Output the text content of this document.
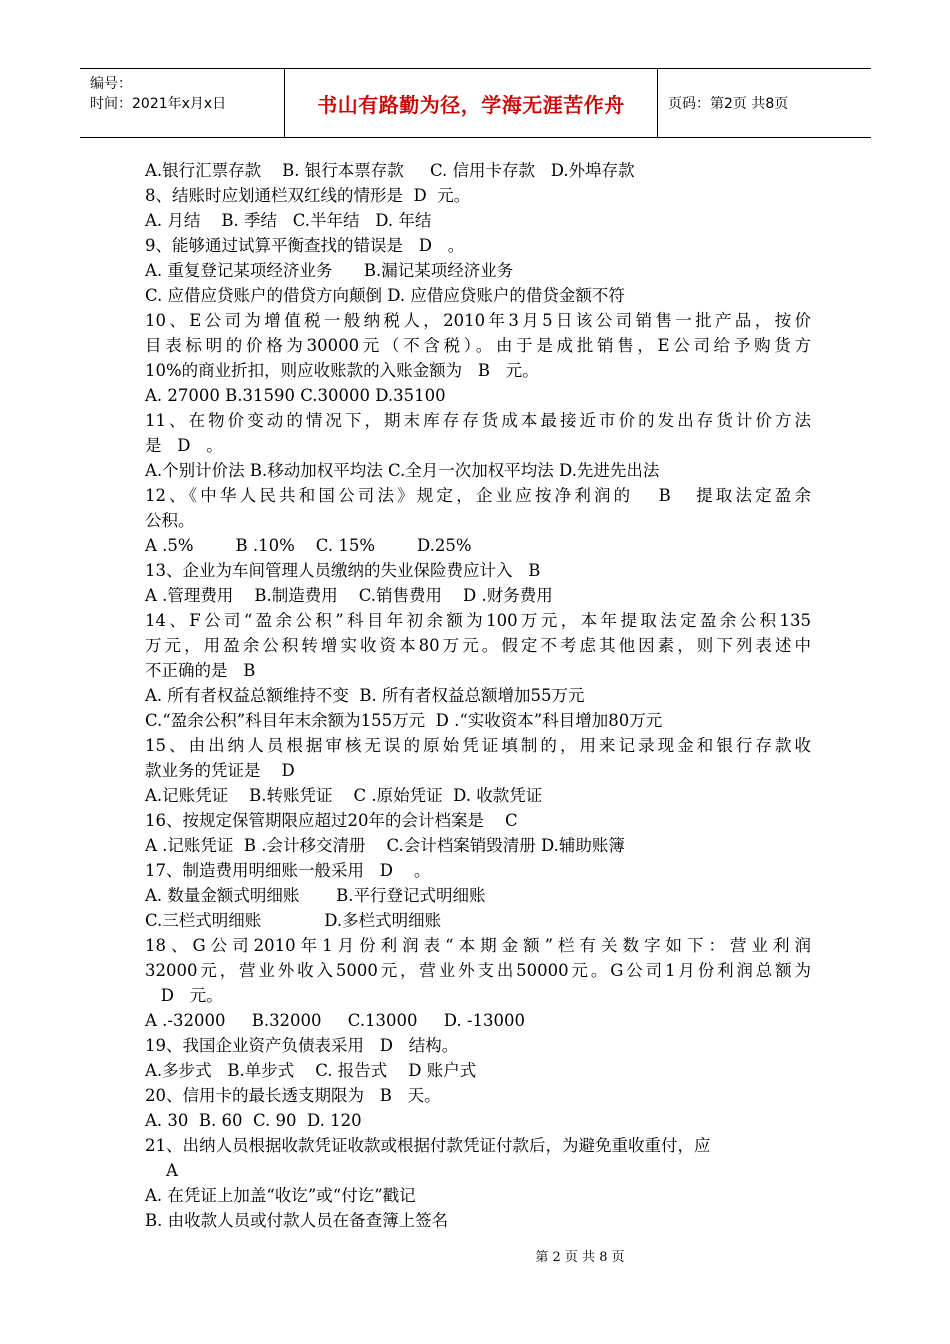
编号：
时间：2021年x月x日	书山有路勤为径，学海无涯苦作舟	页码：第2页 共8页
A.银行汇票存款    B. 银行本票存款     C. 信用卡存款   D.外埠存款
8、结账时应划通栏双红线的情形是  D  元。
A. 月结    B. 季结   C.半年结   D. 年结
9、能够通过试算平衡查找的错误是   D   。
A. 重复登记某项经济业务      B.漏记某项经济业务
C. 应借应贷账户的借贷方向颠倒 D. 应借应贷账户的借贷金额不符
10、E公司为增值税一般纳税人，2010年3月5日该公司销售一批产品，按价
目表标明的价格为30000元（不含税）。由于是成批销售，E公司给予购货方
10%的商业折扣，则应收账款的入账金额为   B   元。
A. 27000 B.31590 C.30000 D.35100
11、在物价变动的情况下，期末库存存货成本最接近市价的发出存货计价方法
是   D   。
A.个别计价法 B.移动加权平均法 C.全月一次加权平均法 D.先进先出法
12、《中华人民共和国公司法》规定，企业应按净利润的   B   提取法定盈余
公积。
A .5%        B .10%    C. 15%        D.25%
13、企业为车间管理人员缴纳的失业保险费应计入   B
A .管理费用    B.制造费用    C.销售费用    D .财务费用
14、F公司“盈余公积”科目年初余额为100万元，本年提取法定盈余公积135
万元，用盈余公积转增实收资本80万元。假定不考虑其他因素，则下列表述中
不正确的是   B
A. 所有者权益总额维持不变  B. 所有者权益总额增加55万元
C.“盈余公积”科目年末余额为155万元  D .“实收资本”科目增加80万元
15、由出纳人员根据审核无误的原始凭证填制的，用来记录现金和银行存款收
款业务的凭证是    D
A.记账凭证    B.转账凭证    C .原始凭证  D. 收款凭证
16、按规定保管期限应超过20年的会计档案是    C
A .记账凭证  B .会计移交清册    C.会计档案销毁清册 D.辅助账簿
17、制造费用明细账一般采用   D    。
A. 数量金额式明细账       B.平行登记式明细账
C.三栏式明细账            D.多栏式明细账
18、G公司2010年1月份利润表“本期金额”栏有关数字如下：营业利润
32000元，营业外收入5000元，营业外支出50000元。G公司1月份利润总额为
D   元。
A .-32000     B.32000     C.13000     D. -13000
19、我国企业资产负债表采用   D   结构。
A.多步式   B.单步式    C. 报告式    D 账户式
20、信用卡的最长透支期限为   B   天。
A. 30  B. 60  C. 90  D. 120
21、出纳人员根据收款凭证收款或根据付款凭证付款后，为避免重收重付，应
A
A. 在凭证上加盖“收讫”或“付讫”戳记
B. 由收款人员或付款人员在备查簿上签名
第 2 页 共 8 页
